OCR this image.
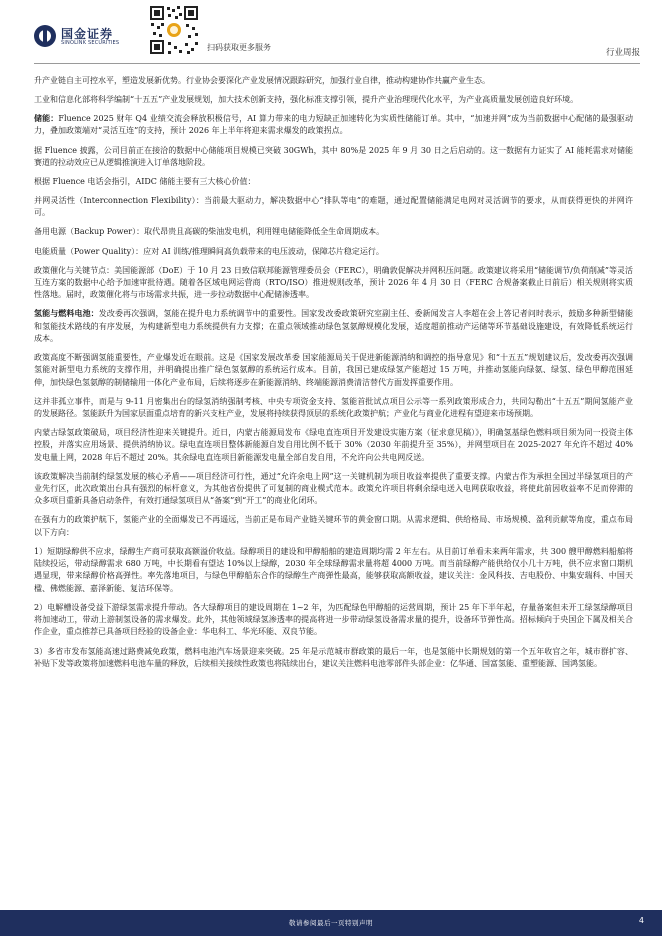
国金证券
SINOLINK SECURITIES	扫码获取更多服务
行业周报

升产业链自主可控水平，塑造发展新优势。行业协会要深化产业发展情况跟踪研究，加强行业自律，推动构建协作共赢产业生态。

工业和信息化部将科学编制“十五五”产业发展规划，加大技术创新支持，强化标准支撑引领，提升产业治理现代化水平，为产业高质量发展创造良好环境。

储能：Fluence 2025 财年 Q4 业绩交流会释放积极信号，AI 算力带来的电力短缺正加速转化为实质性储能订单。其中，“加速并网”成为当前数据中心配储的最强驱动力，叠加政策端对“灵活互连”的支持，预计 2026 年上半年将迎来需求爆发的政策拐点。

据 Fluence 披露，公司目前正在接洽的数据中心储能项目规模已突破 30GWh，其中 80%是 2025 年 9 月 30 日之后启动的。这一数据有力证实了 AI 能耗需求对储能赛道的拉动效应已从逻辑推演进入订单落地阶段。

根据 Fluence 电话会指引，AIDC 储能主要有三大核心价值：

并网灵活性（Interconnection Flexibility）：当前最大驱动力，解决数据中心“排队等电”的难题，通过配置储能满足电网对灵活调节的要求，从而获得更快的并网许可。

备用电源（Backup Power）：取代昂贵且高碳的柴油发电机，利用锂电储能降低全生命周期成本。

电能质量（Power Quality）：应对 AI 训练/推理瞬间高负载带来的电压波动，保障芯片稳定运行。

政策催化与关键节点：美国能源部（DoE）于 10 月 23 日致信联邦能源管理委员会（FERC），明确敦促解决并网积压问题。政策建议将采用“储能调节/负荷削减”等灵活互连方案的数据中心给予加速审批待遇。随着各区域电网运营商（RTO/ISO）推进规则改革，预计 2026 年 4 月 30 日（FERC 合规备案截止日前后）相关规则将实质性落地。届时，政策催化将与市场需求共振，进一步拉动数据中心配储渗透率。

氢能与燃料电池：发改委再次强调，氢能在提升电力系统调节中的重要性。国家发改委政策研究室副主任、委新闻发言人李超在会上答记者问时表示，鼓励多种新型储能和氢能技术路线的有序发展，为构建新型电力系统提供有力支撑；在重点领域推动绿色氢氨醇规模化发展，适度超前推动产运储等环节基础设施建设，有效降低系统运行成本。

政策高度不断强调氢能重要性，产业爆发近在眼前。这是《国家发展改革委 国家能源局关于促进新能源消纳和调控的指导意见》和“十五五”规划建议后，发改委再次强调氢能对新型电力系统的支撑作用，并明确提出推广绿色氢氨醇的系统运行成本。目前，我国已建成绿氢产能超过 15 万吨，并推动氢能向绿氨、绿氢、绿色甲醇范围延伸，加快绿色氢氨醇的制储输用一体化产业布局，后续将逐步在新能源消纳、终端能源消费清洁替代方面发挥重要作用。

这并非孤立事件，而是与 9-11 月密集出台的绿氢消纳强制考核、中央专项资金支持、氢能首批试点项目公示等一系列政策形成合力，共同勾勒出“十五五”期间氢能产业的发展路径。氢能跃升为国家层面重点培育的新兴支柱产业，发展将持续获得顶层的系统化政策护航；产业化与商业化进程有望迎来市场预期。

内蒙古绿氢政策破局，项目经济性迎来关键提升。近日，内蒙古能源局发布《绿电直连项目开发建设实施方案（征求意见稿）》，明确氢基绿色燃料项目须为同一投资主体控股，并落实应用场景、提供消纳协议。绿电直连项目整体新能源自发自用比例不低于 30%（2030 年前提升至 35%），并网型项目在 2025-2027 年允许不超过 40%发电量上网，2028 年后不超过 20%。其余绿电直连项目新能源发电量全部自发自用，不允许向公共电网反送。

该政策解决当前制约绿氢发展的核心矛盾——项目经济可行性，通过“允许余电上网”这一关键机制为项目收益率提供了重要支撑。内蒙古作为承担全国过半绿氢项目的产业先行区，此次政策出台具有强烈的标杆意义，为其他省份提供了可复制的商业模式范本。政策允许项目将剩余绿电送入电网获取收益，将使此前因收益率不足而停滞的众多项目重新具备启动条件，有效打通绿氢项目从“备案”到“开工”的商业化闭环。

在强有力的政策护航下，氢能产业的全面爆发已不再遥远，当前正是布局产业链关键环节的黄金窗口期。从需求逻辑、供给格局、市场规模、盈利贡献等角度，重点布局以下方向：

1）短期绿醇供不应求，绿醇生产商可获取高额溢价收益。绿醇项目的建设和甲醇船舶的建造周期均需 2 年左右。从目前订单看未来两年需求，共 300 艘甲醇燃料船舶将陆续投运，带动绿醇需求 680 万吨，中长期看有望达 10%以上绿醇，2030 年全球绿醇需求量将超 4000 万吨。而当前绿醇产能供给仅小几十万吨，供不应求窗口期机遇显现，带来绿醇价格高弹性。率先落地项目，与绿色甲醇船东合作的绿醇生产商弹性最高，能够获取高额收益，建议关注：金风科技、吉电股份、中集安瑞科、中国天楹、佛燃能源、嘉泽新能、复洁环保等。

2）电解槽设备受益下游绿氢需求提升带动。各大绿醇项目的建设周期在 1~2 年，为匹配绿色甲醇船的运营周期，预计 25 年下半年起，存量备案但未开工绿氢绿醇项目将加速动工，带动上游制氢设备的需求爆发。此外，其他领域绿氢渗透率的提高将进一步带动绿氢设备需求量的提升，设备环节弹性高。招标倾向于央国企下属及相关合作企业，重点推荐已具备项目经验的设备企业：华电科工、华光环能、双良节能。

3）多省市发布氢能高速过路费减免政策，燃料电池汽车场景迎来突破。25 年是示范城市群政策的最后一年，也是氢能中长期规划的第一个五年收官之年，城市群扩容、补贴下发等政策将加速燃料电池车量的释放，后续相关接续性政策也将陆续出台，建议关注燃料电池零部件头部企业：亿华通、国富氢能、重塑能源、国鸿氢能。

敬请参阅最后一页特别声明	4
